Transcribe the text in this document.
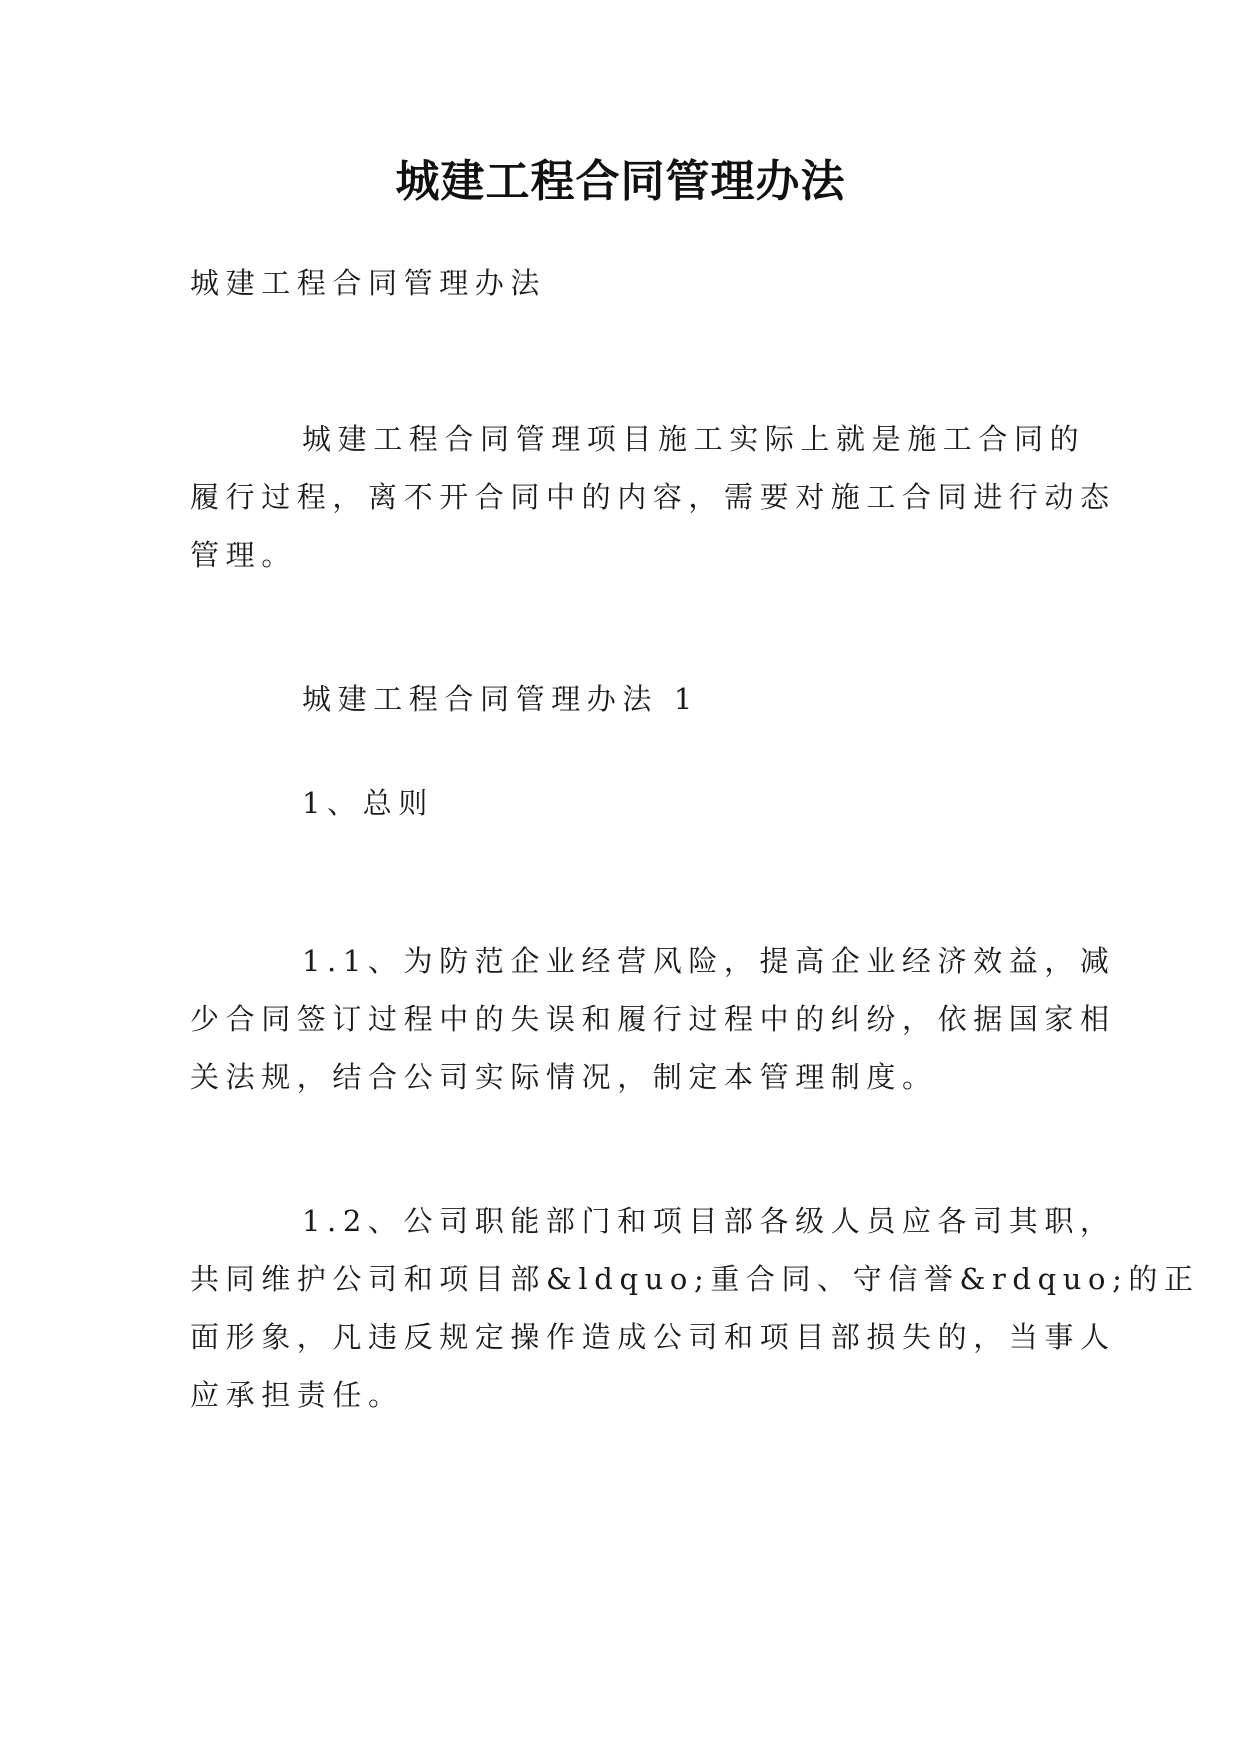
城建工程合同管理办法

城建工程合同管理办法

城建工程合同管理项目施工实际上就是施工合同的
履行过程，离不开合同中的内容，需要对施工合同进行动态
管理。

城建工程合同管理办法 1

1、总则

1.1、为防范企业经营风险，提高企业经济效益，减
少合同签订过程中的失误和履行过程中的纠纷，依据国家相
关法规，结合公司实际情况，制定本管理制度。

1.2、公司职能部门和项目部各级人员应各司其职，
共同维护公司和项目部&ldquo;重合同、守信誉&rdquo;的正
面形象，凡违反规定操作造成公司和项目部损失的，当事人
应承担责任。
